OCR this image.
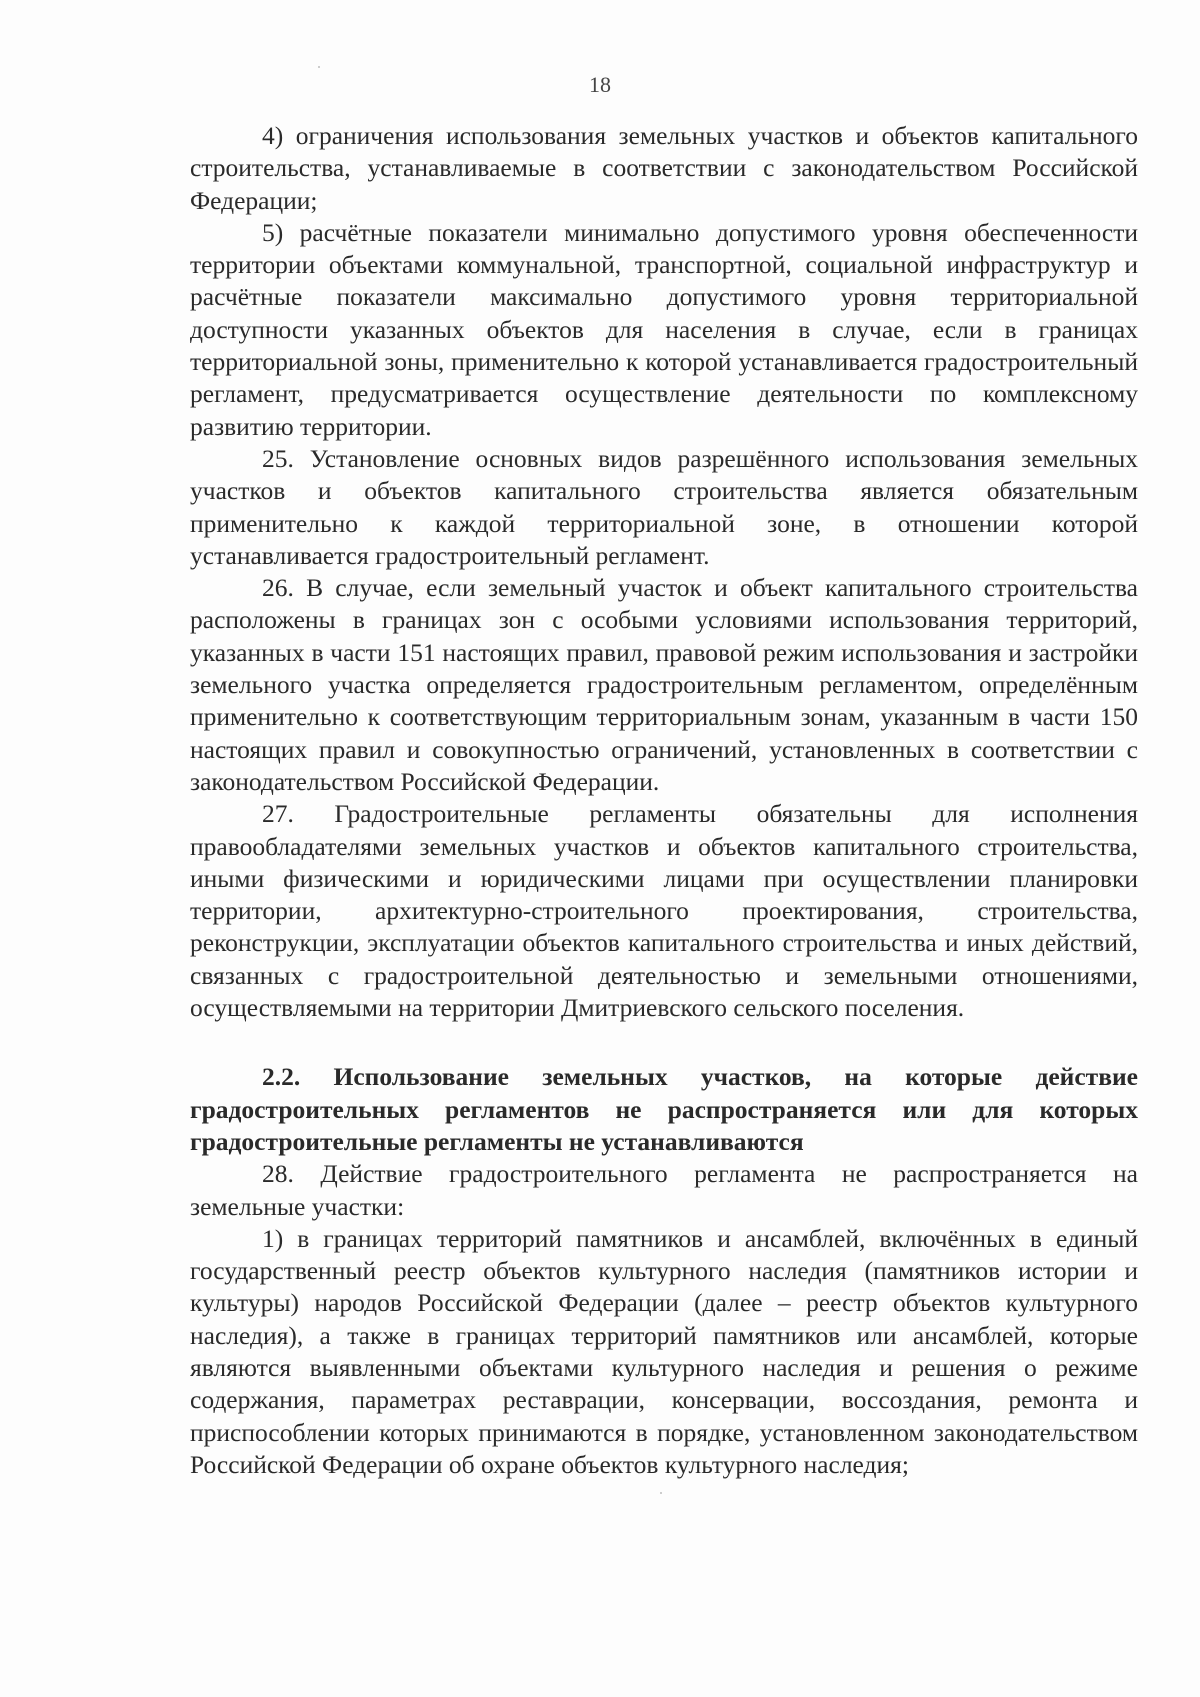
18

4) ограничения использования земельных участков и объектов капитального строительства, устанавливаемые в соответствии с законодательством Российской Федерации;

5) расчётные показатели минимально допустимого уровня обеспеченности территории объектами коммунальной, транспортной, социальной инфраструктур и расчётные показатели максимально допустимого уровня территориальной доступности указанных объектов для населения в случае, если в границах территориальной зоны, применительно к которой устанавливается градостроительный регламент, предусматривается осуществление деятельности по комплексному развитию территории.

25. Установление основных видов разрешённого использования земельных участков и объектов капитального строительства является обязательным применительно к каждой территориальной зоне, в отношении которой устанавливается градостроительный регламент.

26. В случае, если земельный участок и объект капитального строительства расположены в границах зон с особыми условиями использования территорий, указанных в части 151 настоящих правил, правовой режим использования и застройки земельного участка определяется градостроительным регламентом, определённым применительно к соответствующим территориальным зонам, указанным в части 150 настоящих правил и совокупностью ограничений, установленных в соответствии с законодательством Российской Федерации.

27. Градостроительные регламенты обязательны для исполнения правообладателями земельных участков и объектов капитального строительства, иными физическими и юридическими лицами при осуществлении планировки территории, архитектурно-строительного проектирования, строительства, реконструкции, эксплуатации объектов капитального строительства и иных действий, связанных с градостроительной деятельностью и земельными отношениями, осуществляемыми на территории Дмитриевского сельского поселения.

2.2. Использование земельных участков, на которые действие градостроительных регламентов не распространяется или для которых градостроительные регламенты не устанавливаются

28. Действие градостроительного регламента не распространяется на земельные участки:

1) в границах территорий памятников и ансамблей, включённых в единый государственный реестр объектов культурного наследия (памятников истории и культуры) народов Российской Федерации (далее – реестр объектов культурного наследия), а также в границах территорий памятников или ансамблей, которые являются выявленными объектами культурного наследия и решения о режиме содержания, параметрах реставрации, консервации, воссоздания, ремонта и приспособлении которых принимаются в порядке, установленном законодательством Российской Федерации об охране объектов культурного наследия;
